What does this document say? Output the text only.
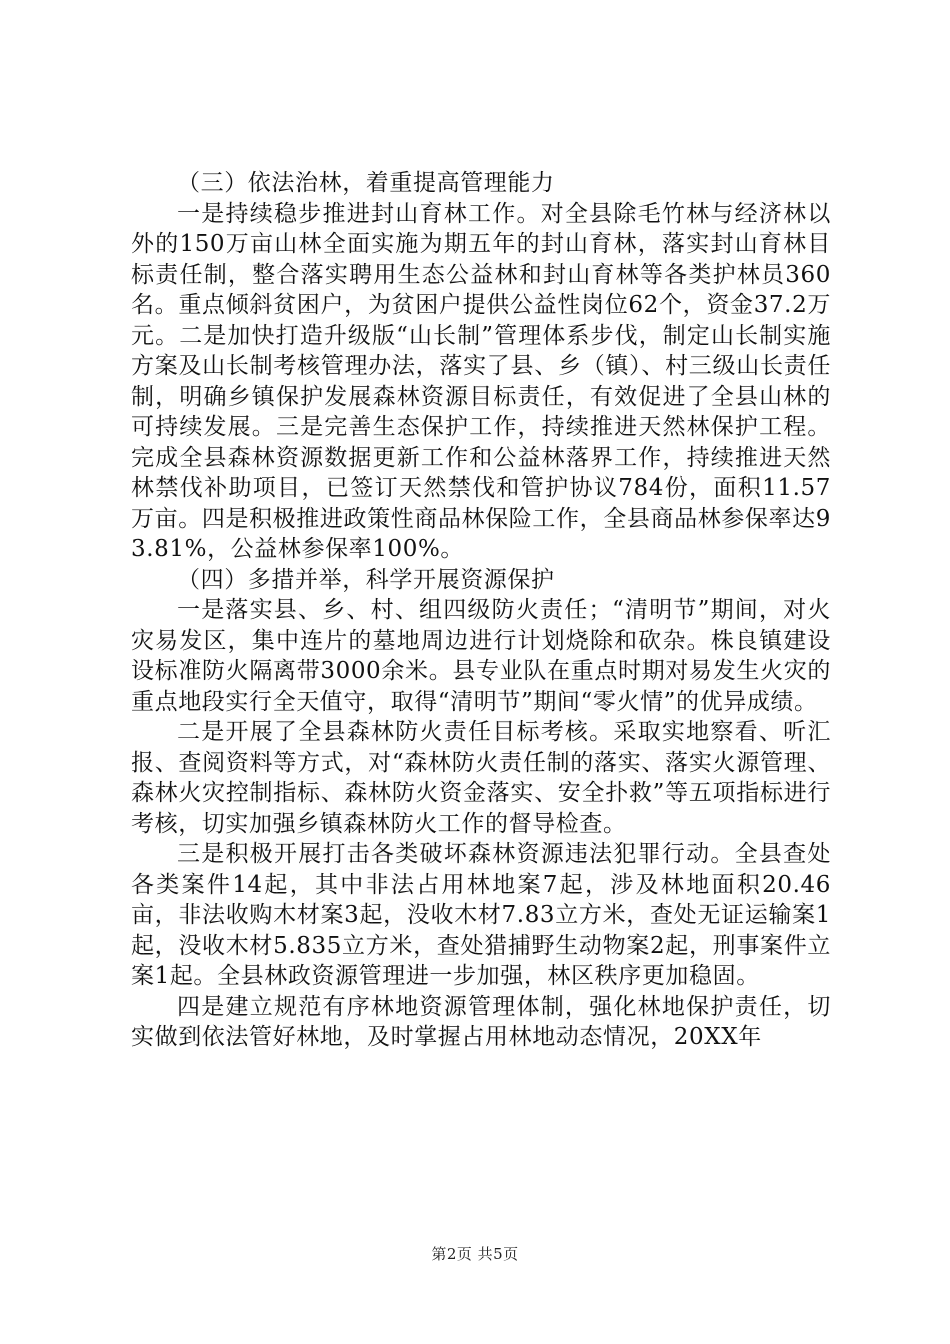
（三）依法治林，着重提高管理能力

一是持续稳步推进封山育林工作。对全县除毛竹林与经济林以外的150万亩山林全面实施为期五年的封山育林，落实封山育林目标责任制，整合落实聘用生态公益林和封山育林等各类护林员360名。重点倾斜贫困户，为贫困户提供公益性岗位62个，资金37.2万元。二是加快打造升级版“山长制”管理体系步伐，制定山长制实施方案及山长制考核管理办法，落实了县、乡（镇）、村三级山长责任制，明确乡镇保护发展森林资源目标责任，有效促进了全县山林的可持续发展。三是完善生态保护工作，持续推进天然林保护工程。完成全县森林资源数据更新工作和公益林落界工作，持续推进天然林禁伐补助项目，已签订天然禁伐和管护协议784份，面积11.57万亩。四是积极推进政策性商品林保险工作，全县商品林参保率达93.81%，公益林参保率100%。

（四）多措并举，科学开展资源保护

一是落实县、乡、村、组四级防火责任；“清明节”期间，对火灾易发区，集中连片的墓地周边进行计划烧除和砍杂。株良镇建设设标准防火隔离带3000余米。县专业队在重点时期对易发生火灾的重点地段实行全天值守，取得“清明节”期间“零火情”的优异成绩。

二是开展了全县森林防火责任目标考核。采取实地察看、听汇报、查阅资料等方式，对“森林防火责任制的落实、落实火源管理、森林火灾控制指标、森林防火资金落实、安全扑救”等五项指标进行考核，切实加强乡镇森林防火工作的督导检查。

三是积极开展打击各类破坏森林资源违法犯罪行动。全县查处各类案件14起，其中非法占用林地案7起，涉及林地面积20.46亩，非法收购木材案3起，没收木材7.83立方米，查处无证运输案1起，没收木材5.835立方米，查处猎捕野生动物案2起，刑事案件立案1起。全县林政资源管理进一步加强，林区秩序更加稳固。

四是建立规范有序林地资源管理体制，强化林地保护责任，切实做到依法管好林地，及时掌握占用林地动态情况，20XX年

第2页 共5页
